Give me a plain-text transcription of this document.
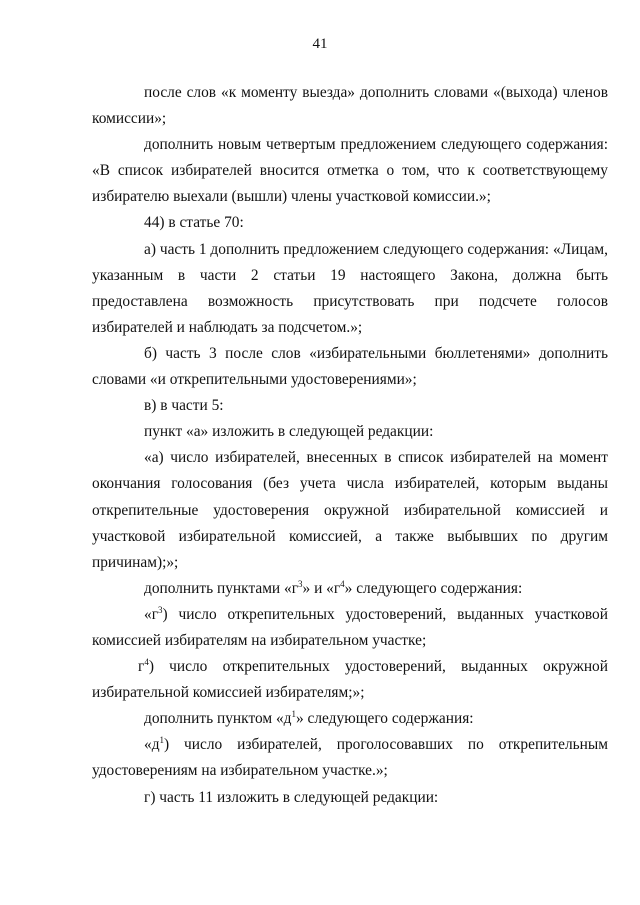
41

после слов «к моменту выезда» дополнить словами «(выхода) членов комиссии»;

дополнить новым четвертым предложением следующего содержания: «В список избирателей вносится отметка о том, что к соответствующему избирателю выехали (вышли) члены участковой комиссии.»;

44) в статье 70:

а) часть 1 дополнить предложением следующего содержания: «Лицам, указанным в части 2 статьи 19 настоящего Закона, должна быть предоставлена возможность присутствовать при подсчете голосов избирателей и наблюдать за подсчетом.»;

б) часть 3 после слов «избирательными бюллетенями» дополнить словами «и открепительными удостоверениями»;

в) в части 5:

пункт «а» изложить в следующей редакции:

«а) число избирателей, внесенных в список избирателей на момент окончания голосования (без учета числа избирателей, которым выданы открепительные удостоверения окружной избирательной комиссией и участковой избирательной комиссией, а также выбывших по другим причинам);»;

дополнить пунктами «$г^3$» и «$г^4$» следующего содержания:

«$г^3$) число открепительных удостоверений, выданных участковой комиссией избирателям на избирательном участке;

$г^4$) число открепительных удостоверений, выданных окружной избирательной комиссией избирателям;»;

дополнить пунктом «$д^1$» следующего содержания:

«$д^1$) число избирателей, проголосовавших по открепительным удостоверениям на избирательном участке.»;

г) часть 11 изложить в следующей редакции:
